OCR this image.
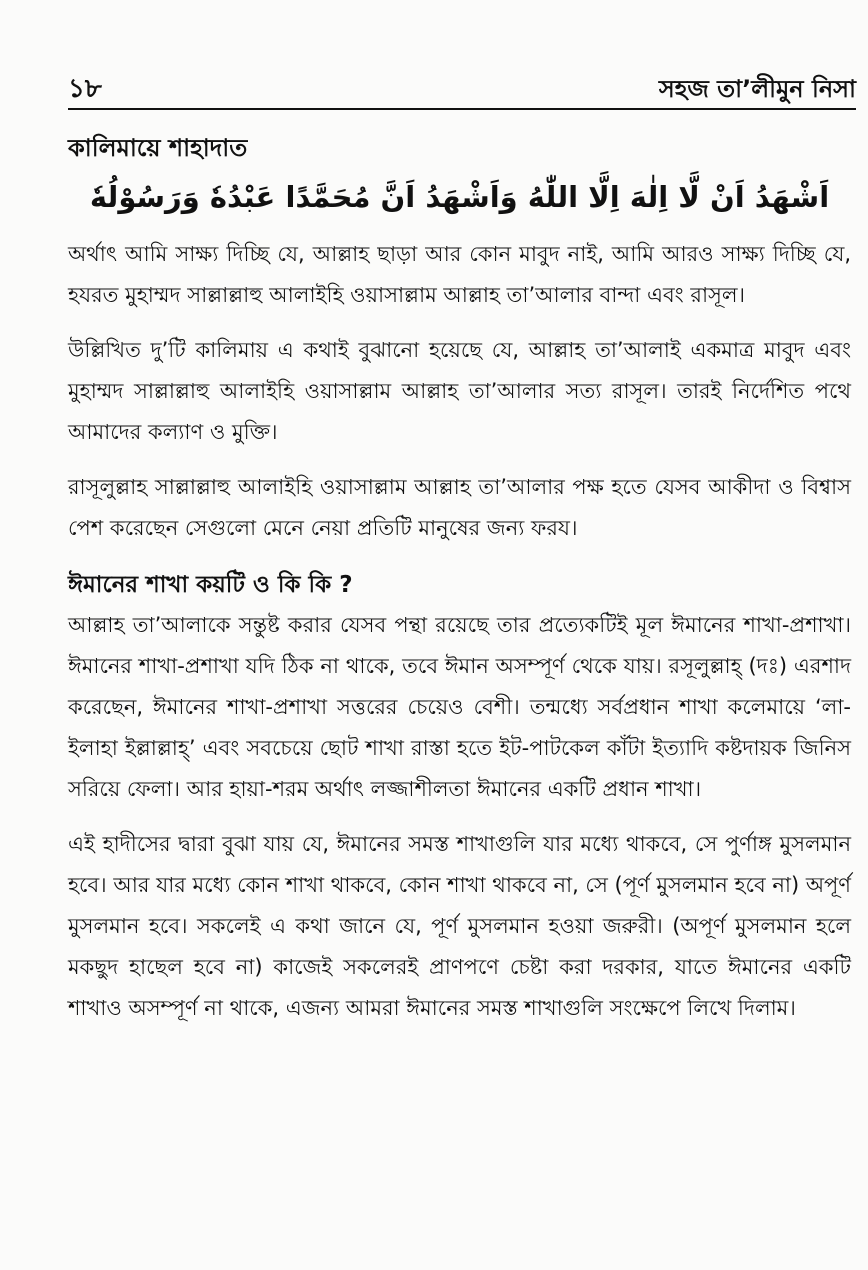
১৮	সহজ তা’লীমুন নিসা
কালিমায়ে শাহাদাত

اَشْهَدُ اَنْ لَّا اِلٰهَ اِلَّا اللّٰهُ وَاَشْهَدُ اَنَّ مُحَمَّدًا عَبْدُهٗ وَرَسُوْلُهٗ

অর্থাৎ আমি সাক্ষ্য দিচ্ছি যে, আল্লাহ ছাড়া আর কোন মাবুদ নাই, আমি আরও সাক্ষ্য দিচ্ছি যে, হযরত মুহাম্মদ সাল্লাল্লাহু আলাইহি ওয়াসাল্লাম আল্লাহ তা’আলার বান্দা এবং রাসূল।

উল্লিখিত দু’টি কালিমায় এ কথাই বুঝানো হয়েছে যে, আল্লাহ তা’আলাই একমাত্র মাবুদ এবং মুহাম্মদ সাল্লাল্লাহু আলাইহি ওয়াসাল্লাম আল্লাহ তা’আলার সত্য রাসূল। তারই নির্দেশিত পথে আমাদের কল্যাণ ও মুক্তি।

রাসূলুল্লাহ সাল্লাল্লাহু আলাইহি ওয়াসাল্লাম আল্লাহ তা’আলার পক্ষ হতে যেসব আকীদা ও বিশ্বাস পেশ করেছেন সেগুলো মেনে নেয়া প্রতিটি মানুষের জন্য ফরয।

ঈমানের শাখা কয়টি ও কি কি ?

আল্লাহ তা’আলাকে সন্তুষ্ট করার যেসব পন্থা রয়েছে তার প্রত্যেকটিই মূল ঈমানের শাখা-প্রশাখা। ঈমানের শাখা-প্রশাখা যদি ঠিক না থাকে, তবে ঈমান অসম্পূর্ণ থেকে যায়। রসূলুল্লাহ্ (দঃ) এরশাদ করেছেন, ঈমানের শাখা-প্রশাখা সত্তরের চেয়েও বেশী। তন্মধ্যে সর্বপ্রধান শাখা কলেমায়ে ‘লা-ইলাহা ইল্লাল্লাহ্’ এবং সবচেয়ে ছোট শাখা রাস্তা হতে ইট-পাটকেল কাঁটা ইত্যাদি কষ্টদায়ক জিনিস সরিয়ে ফেলা। আর হায়া-শরম অর্থাৎ লজ্জাশীলতা ঈমানের একটি প্রধান শাখা।

এই হাদীসের দ্বারা বুঝা যায় যে, ঈমানের সমস্ত শাখাগুলি যার মধ্যে থাকবে, সে পুর্ণাঙ্গ মুসলমান হবে। আর যার মধ্যে কোন শাখা থাকবে, কোন শাখা থাকবে না, সে (পূর্ণ মুসলমান হবে না) অপূর্ণ মুসলমান হবে। সকলেই এ কথা জানে যে, পূর্ণ মুসলমান হওয়া জরুরী। (অপূর্ণ মুসলমান হলে মকছুদ হাছেল হবে না) কাজেই সকলেরই প্রাণপণে চেষ্টা করা দরকার, যাতে ঈমানের একটি শাখাও অসম্পূর্ণ না থাকে, এজন্য আমরা ঈমানের সমস্ত শাখাগুলি সংক্ষেপে লিখে দিলাম।
